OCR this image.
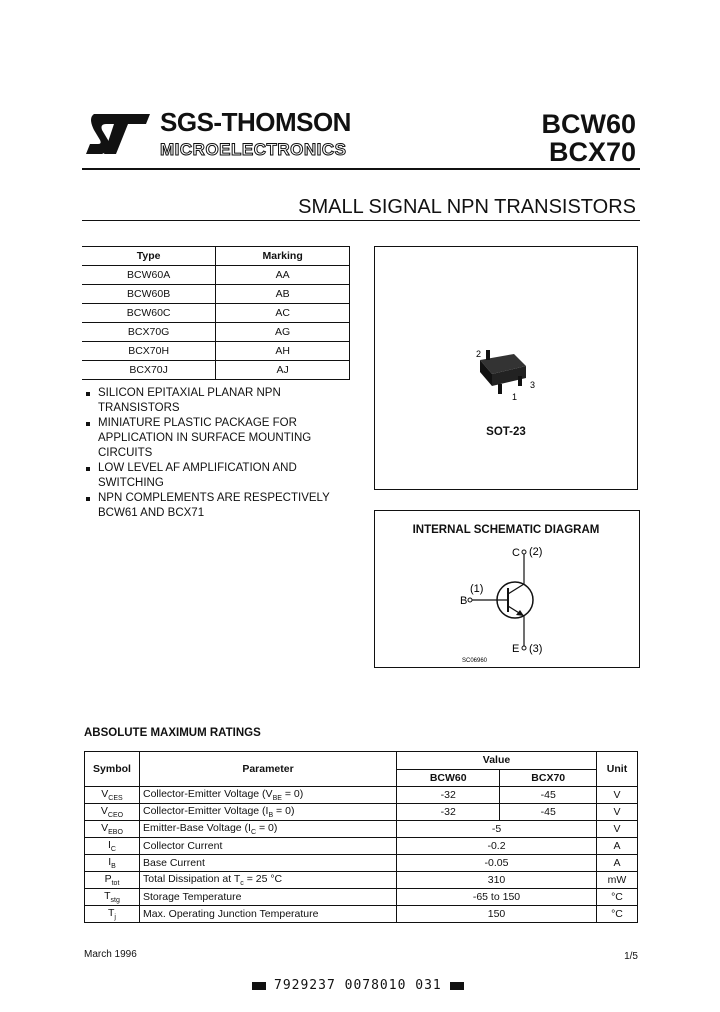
SGS-THOMSON
MICROELECTRONICS
BCW60
BCX70
SMALL SIGNAL NPN TRANSISTORS
Type	Marking
BCW60A	AA
BCW60B	AB
BCW60C	AC
BCX70G	AG
BCX70H	AH
BCX70J	AJ
SILICON EPITAXIAL PLANAR NPN TRANSISTORS
MINIATURE PLASTIC PACKAGE FOR APPLICATION IN SURFACE MOUNTING CIRCUITS
LOW LEVEL AF AMPLIFICATION AND SWITCHING
NPN COMPLEMENTS ARE RESPECTIVELY BCW61 AND BCX71
2
3
1
SOT-23
INTERNAL SCHEMATIC DIAGRAM
C (2)
B
(1)
E (3)
SC06960
ABSOLUTE MAXIMUM RATINGS
Symbol	Parameter	Value		Unit
		BCW60	BCX70	
$V_{CES}$	Collector-Emitter Voltage $(V_{BE} = 0)$	-32	-45	V
$V_{CEO}$	Collector-Emitter Voltage $(I_B = 0)$	-32	-45	V
$V_{EBO}$	Emitter-Base Voltage $(I_C = 0)$	-5		V
$I_C$	Collector Current	-0.2		A
$I_B$	Base Current	-0.05		A
$P_{tot}$	Total Dissipation at $T_c = 25$ °C	310		mW
$T_{stg}$	Storage Temperature	-65 to 150		°C
$T_j$	Max. Operating Junction Temperature	150		°C
March 1996	1/5
7929237 0078010 031
